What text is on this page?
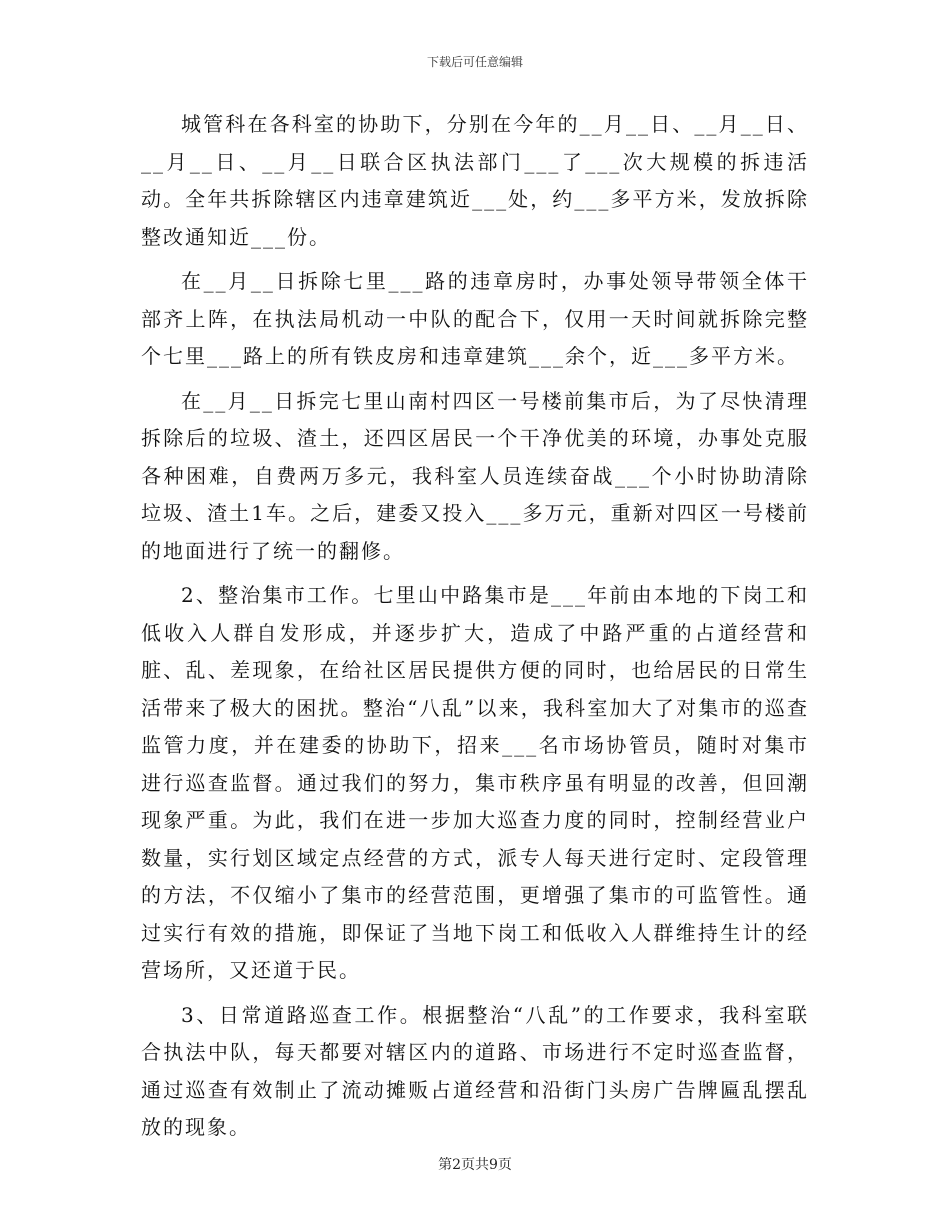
下载后可任意编辑

城管科在各科室的协助下，分别在今年的__月__日、__月__日、__月__日、__月__日联合区执法部门___了___次大规模的拆违活动。全年共拆除辖区内违章建筑近___处，约___多平方米，发放拆除整改通知近___份。

在__月__日拆除七里___路的违章房时，办事处领导带领全体干部齐上阵，在执法局机动一中队的配合下，仅用一天时间就拆除完整个七里___路上的所有铁皮房和违章建筑___余个，近___多平方米。

在__月__日拆完七里山南村四区一号楼前集市后，为了尽快清理拆除后的垃圾、渣土，还四区居民一个干净优美的环境，办事处克服各种困难，自费两万多元，我科室人员连续奋战___个小时协助清除垃圾、渣土1车。之后，建委又投入___多万元，重新对四区一号楼前的地面进行了统一的翻修。

2、整治集市工作。七里山中路集市是___年前由本地的下岗工和低收入人群自发形成，并逐步扩大，造成了中路严重的占道经营和脏、乱、差现象，在给社区居民提供方便的同时，也给居民的日常生活带来了极大的困扰。整治“八乱”以来，我科室加大了对集市的巡查监管力度，并在建委的协助下，招来___名市场协管员，随时对集市进行巡查监督。通过我们的努力，集市秩序虽有明显的改善，但回潮现象严重。为此，我们在进一步加大巡查力度的同时，控制经营业户数量，实行划区域定点经营的方式，派专人每天进行定时、定段管理的方法，不仅缩小了集市的经营范围，更增强了集市的可监管性。通过实行有效的措施，即保证了当地下岗工和低收入人群维持生计的经营场所，又还道于民。

3、日常道路巡查工作。根据整治“八乱”的工作要求，我科室联合执法中队，每天都要对辖区内的道路、市场进行不定时巡查监督，通过巡查有效制止了流动摊贩占道经营和沿街门头房广告牌匾乱摆乱放的现象。

第2页共9页
